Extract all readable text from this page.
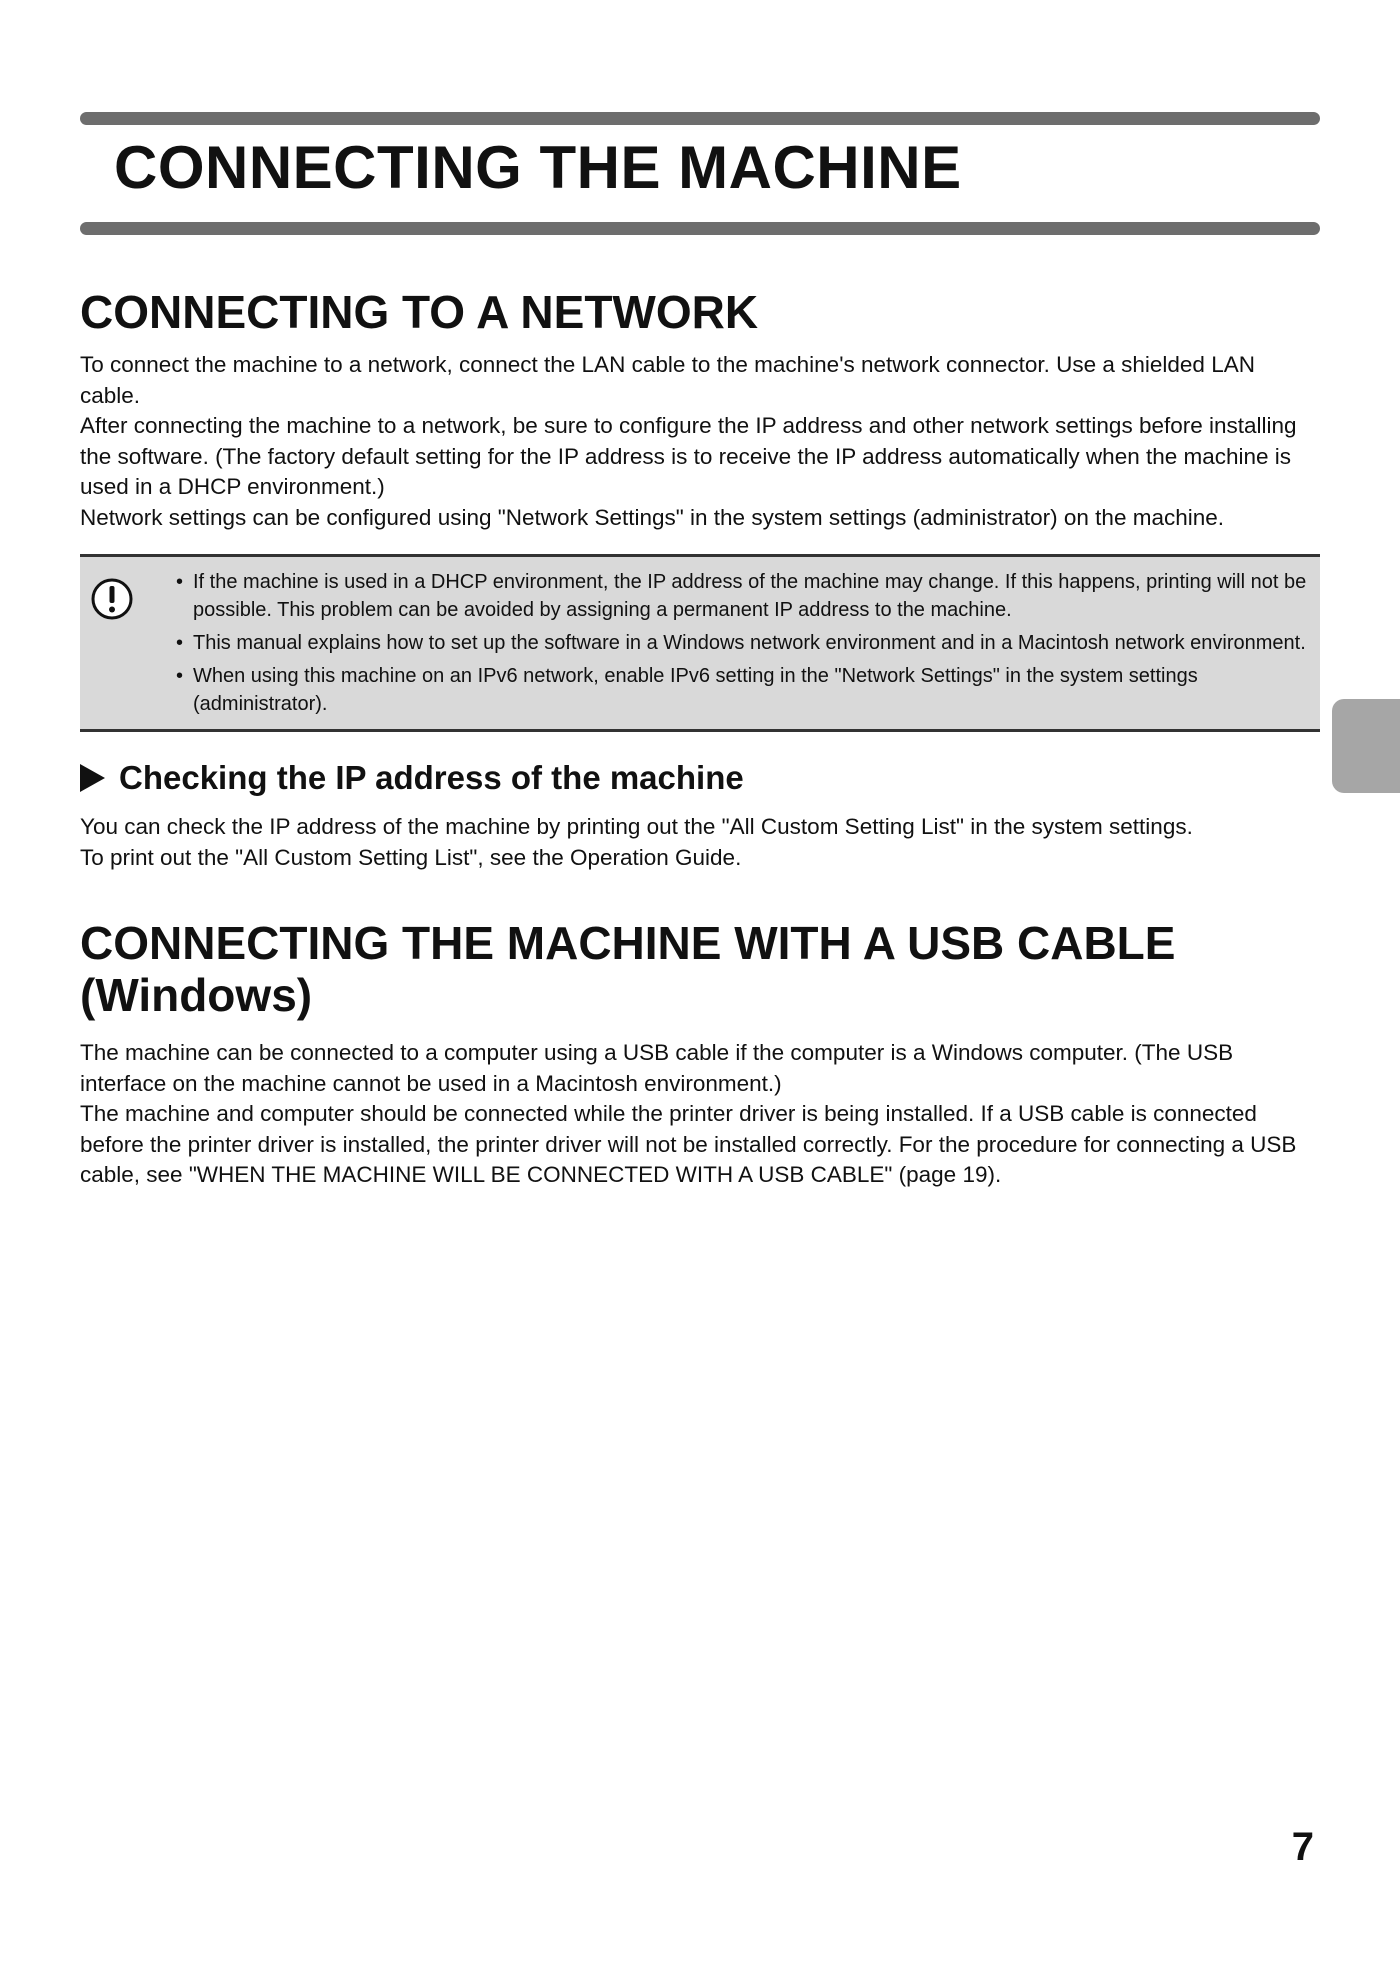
CONNECTING THE MACHINE
CONNECTING TO A NETWORK

To connect the machine to a network, connect the LAN cable to the machine's network connector. Use a shielded LAN cable.

After connecting the machine to a network, be sure to configure the IP address and other network settings before installing the software. (The factory default setting for the IP address is to receive the IP address automatically when the machine is used in a DHCP environment.)

Network settings can be configured using "Network Settings" in the system settings (administrator) on the machine.

• If the machine is used in a DHCP environment, the IP address of the machine may change. If this happens, printing will not be possible. This problem can be avoided by assigning a permanent IP address to the machine.
• This manual explains how to set up the software in a Windows network environment and in a Macintosh network environment.
• When using this machine on an IPv6 network, enable IPv6 setting in the "Network Settings" in the system settings (administrator).
Checking the IP address of the machine

You can check the IP address of the machine by printing out the "All Custom Setting List" in the system settings.

To print out the "All Custom Setting List", see the Operation Guide.

CONNECTING THE MACHINE WITH A USB CABLE
(Windows)

The machine can be connected to a computer using a USB cable if the computer is a Windows computer. (The USB interface on the machine cannot be used in a Macintosh environment.)

The machine and computer should be connected while the printer driver is being installed. If a USB cable is connected before the printer driver is installed, the printer driver will not be installed correctly. For the procedure for connecting a USB cable, see "WHEN THE MACHINE WILL BE CONNECTED WITH A USB CABLE" (page 19).

7
